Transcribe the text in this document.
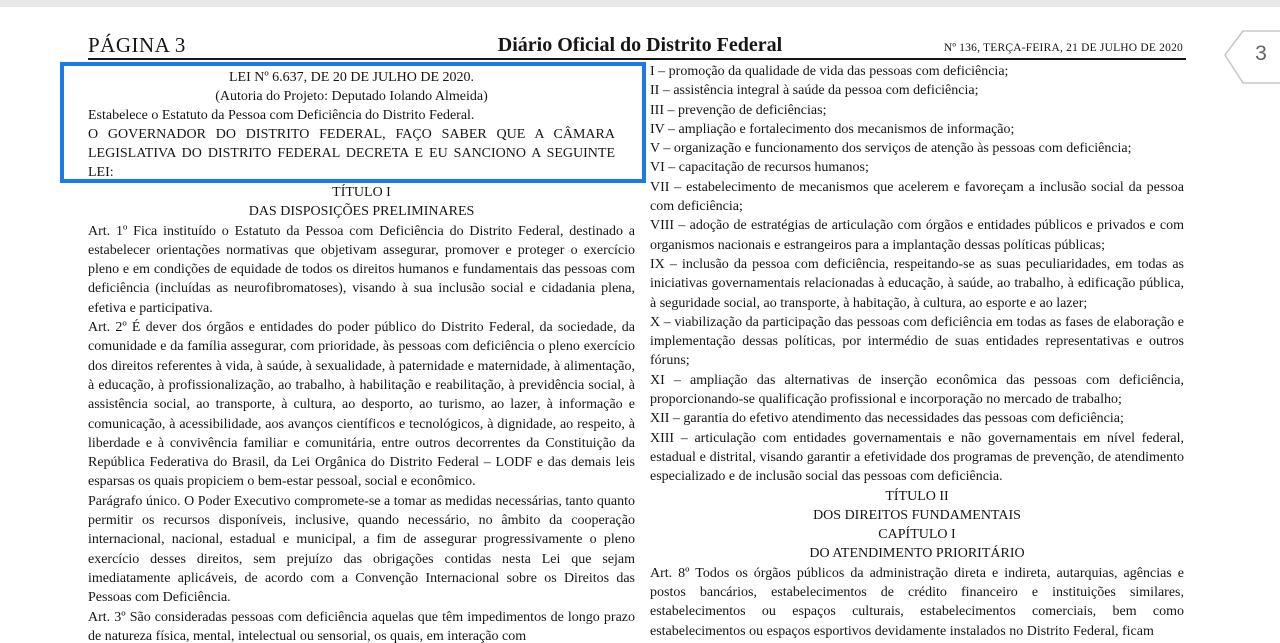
PÁGINA 3	Diário Oficial do Distrito Federal	Nº 136, TERÇA-FEIRA, 21 DE JULHO DE 2020	3

LEI Nº 6.637, DE 20 DE JULHO DE 2020.

(Autoria do Projeto: Deputado Iolando Almeida)

Estabelece o Estatuto da Pessoa com Deficiência do Distrito Federal.

O GOVERNADOR DO DISTRITO FEDERAL, FAÇO SABER QUE A CÂMARA LEGISLATIVA DO DISTRITO FEDERAL DECRETA E EU SANCIONO A SEGUINTE LEI:

TÍTULO I

DAS DISPOSIÇÕES PRELIMINARES

Art. 1º Fica instituído o Estatuto da Pessoa com Deficiência do Distrito Federal, destinado a estabelecer orientações normativas que objetivam assegurar, promover e proteger o exercício pleno e em condições de equidade de todos os direitos humanos e fundamentais das pessoas com deficiência (incluídas as neurofibromatoses), visando à sua inclusão social e cidadania plena, efetiva e participativa.

Art. 2º É dever dos órgãos e entidades do poder público do Distrito Federal, da sociedade, da comunidade e da família assegurar, com prioridade, às pessoas com deficiência o pleno exercício dos direitos referentes à vida, à saúde, à sexualidade, à paternidade e maternidade, à alimentação, à educação, à profissionalização, ao trabalho, à habilitação e reabilitação, à previdência social, à assistência social, ao transporte, à cultura, ao desporto, ao turismo, ao lazer, à informação e comunicação, à acessibilidade, aos avanços científicos e tecnológicos, à dignidade, ao respeito, à liberdade e à convivência familiar e comunitária, entre outros decorrentes da Constituição da República Federativa do Brasil, da Lei Orgânica do Distrito Federal – LODF e das demais leis esparsas os quais propiciem o bem-estar pessoal, social e econômico.

Parágrafo único. O Poder Executivo compromete-se a tomar as medidas necessárias, tanto quanto permitir os recursos disponíveis, inclusive, quando necessário, no âmbito da cooperação internacional, nacional, estadual e municipal, a fim de assegurar progressivamente o pleno exercício desses direitos, sem prejuízo das obrigações contidas nesta Lei que sejam imediatamente aplicáveis, de acordo com a Convenção Internacional sobre os Direitos das Pessoas com Deficiência.

Art. 3º São consideradas pessoas com deficiência aquelas que têm impedimentos de longo prazo de natureza física, mental, intelectual ou sensorial, os quais, em interação com

I – promoção da qualidade de vida das pessoas com deficiência;

II – assistência integral à saúde da pessoa com deficiência;

III – prevenção de deficiências;

IV – ampliação e fortalecimento dos mecanismos de informação;

V – organização e funcionamento dos serviços de atenção às pessoas com deficiência;

VI – capacitação de recursos humanos;

VII – estabelecimento de mecanismos que acelerem e favoreçam a inclusão social da pessoa com deficiência;

VIII – adoção de estratégias de articulação com órgãos e entidades públicos e privados e com organismos nacionais e estrangeiros para a implantação dessas políticas públicas;

IX – inclusão da pessoa com deficiência, respeitando-se as suas peculiaridades, em todas as iniciativas governamentais relacionadas à educação, à saúde, ao trabalho, à edificação pública, à seguridade social, ao transporte, à habitação, à cultura, ao esporte e ao lazer;

X – viabilização da participação das pessoas com deficiência em todas as fases de elaboração e implementação dessas políticas, por intermédio de suas entidades representativas e outros fóruns;

XI – ampliação das alternativas de inserção econômica das pessoas com deficiência, proporcionando-se qualificação profissional e incorporação no mercado de trabalho;

XII – garantia do efetivo atendimento das necessidades das pessoas com deficiência;

XIII – articulação com entidades governamentais e não governamentais em nível federal, estadual e distrital, visando garantir a efetividade dos programas de prevenção, de atendimento especializado e de inclusão social das pessoas com deficiência.

TÍTULO II

DOS DIREITOS FUNDAMENTAIS

CAPÍTULO I

DO ATENDIMENTO PRIORITÁRIO

Art. 8º Todos os órgãos públicos da administração direta e indireta, autarquias, agências e postos bancários, estabelecimentos de crédito financeiro e instituições similares, estabelecimentos ou espaços culturais, estabelecimentos comerciais, bem como estabelecimentos ou espaços esportivos devidamente instalados no Distrito Federal, ficam
